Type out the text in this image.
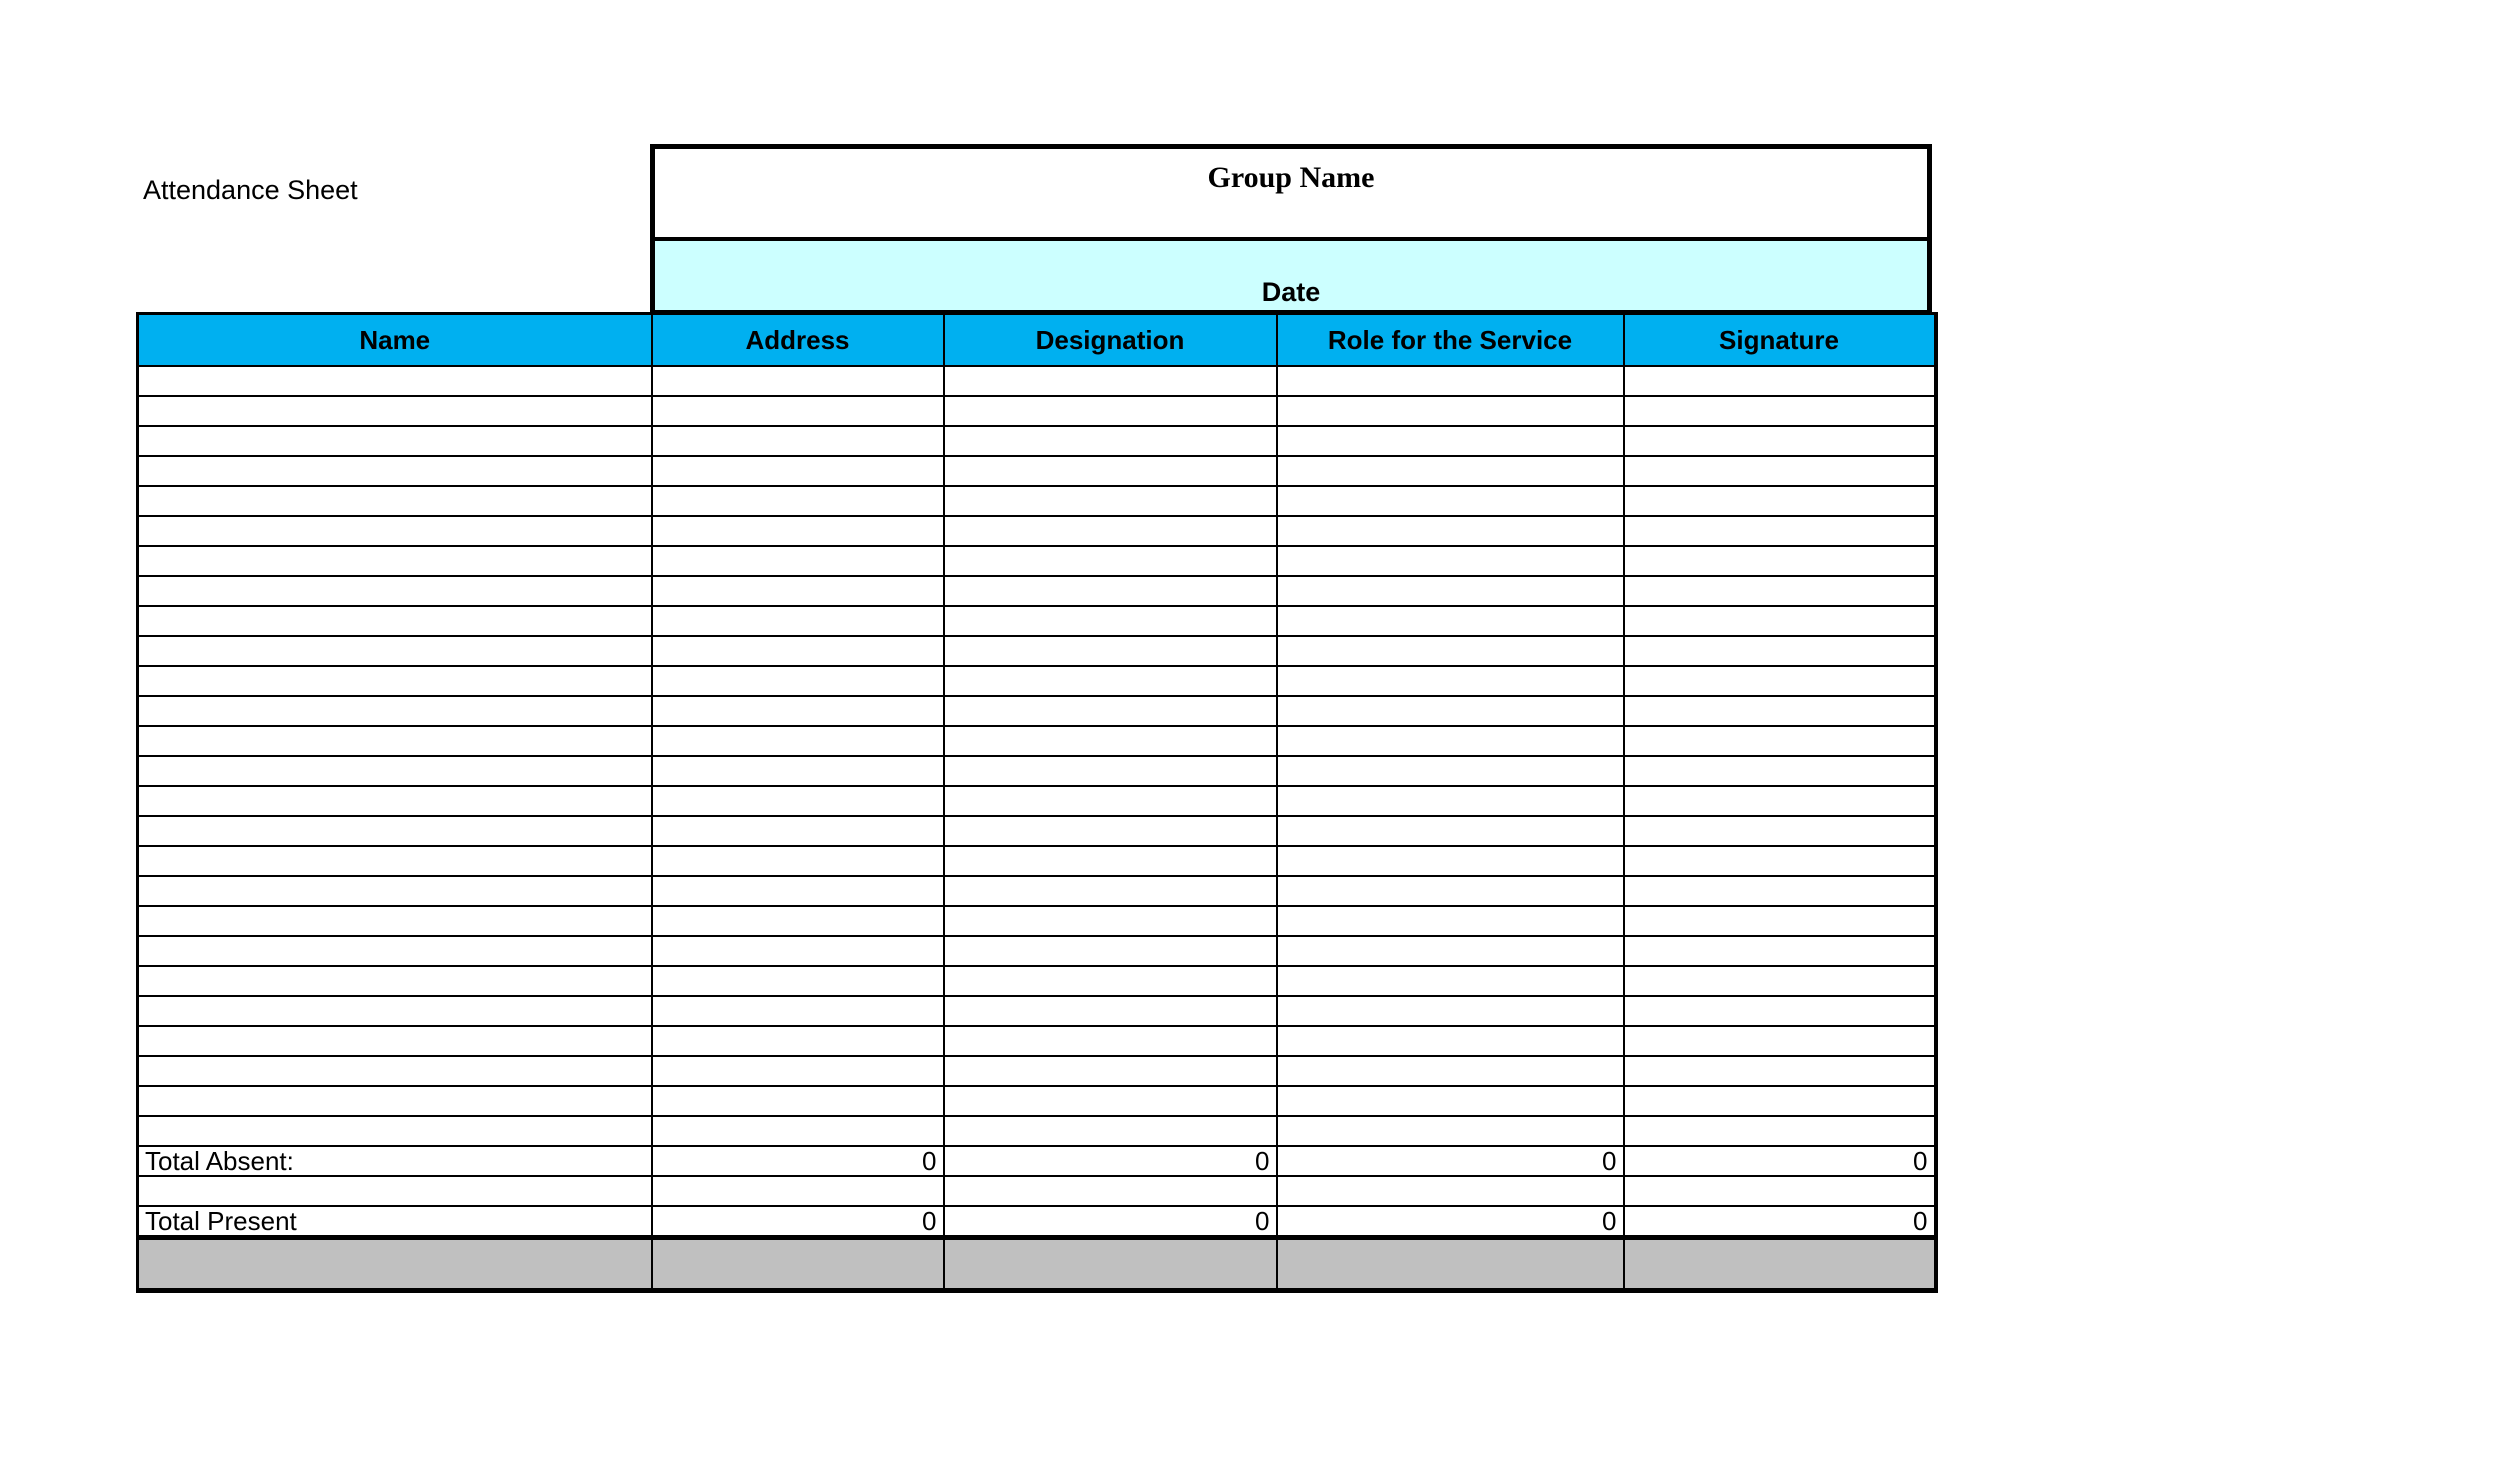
Attendance Sheet	Group Name
Date
Name	Address	Designation	Role for the Service	Signature

Total Absent:	0	0	0	0

Total Present	0	0	0	0
